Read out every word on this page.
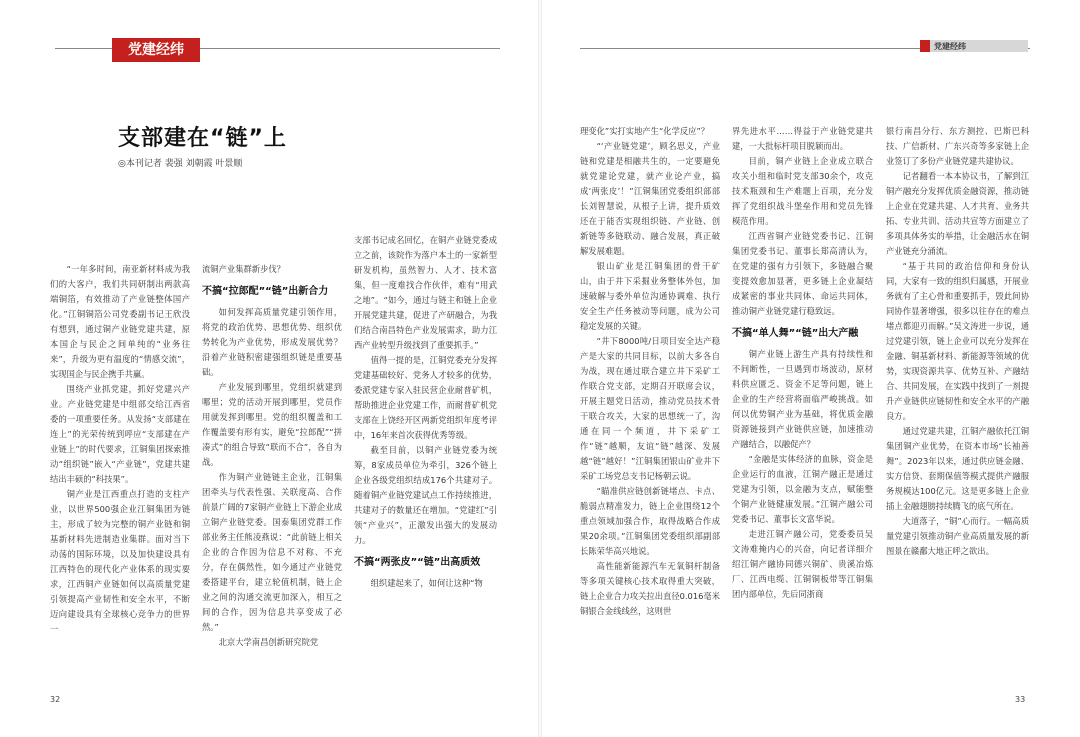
党建经纬
支部建在“链”上
◎本刊记者 裴强 刘朝霞 叶景顺

“一年多时间，南亚新材料成为我们的大客户，我们共同研制出两款高端铜箔，有效推动了产业链整体国产化。”江铜铜箔公司党委副书记王欣没有想到，通过铜产业链党建共建，原本国企与民企之间单纯的“业务往来”，升级为更有温度的“情感交流”，实现国企与民企携手共赢。

围绕产业抓党建，抓好党建兴产业。产业链党建是中组部交给江西省委的一项重要任务。从发扬“支部建在连上”的光荣传统到呼应“支部建在产业链上”的时代要求，江铜集团探索推动“组织链”嵌入“产业链”，党建共建结出丰硕的“科技果”。

铜产业是江西重点打造的支柱产业，以世界500强企业江铜集团为链主，形成了较为完整的铜产业链和铜基新材料先进制造业集群。面对当下动荡的国际环境，以及加快建设具有江西特色的现代化产业体系的现实要求，江西铜产业链如何以高质量党建引领提高产业韧性和安全水平，不断迈向建设具有全球核心竞争力的世界一

流铜产业集群新步伐？

不搞“拉郎配”“链”出新合力

如何发挥高质量党建引领作用，将党的政治优势、思想优势、组织优势转化为产业优势，形成发展优势？沿着产业链积密建强组织链是重要基础。

产业发展到哪里，党组织就建到哪里；党的活动开展到哪里，党员作用就发挥到哪里。党的组织覆盖和工作覆盖要有形有实，避免“拉郎配”“拼凑式”的组合导致“联而不合”，各自为战。

作为铜产业链链主企业，江铜集团牵头与代表性强、关联度高、合作前景广阔的7家铜产业链上下游企业成立铜产业链党委。国泰集团党群工作部业务主任熊凌燕说：“此前链上相关企业的合作因为信息不对称、不充分，存在偶然性，如今通过产业链党委搭建平台，建立轮值机制，链上企业之间的沟通交流更加深入，相互之间的合作，因为信息共享变成了必然。”

北京大学南昌创新研究院党

支部书记成名回忆，在铜产业链党委成立之前，该院作为落户本土的一家新型研发机构，虽然智力、人才、技术富集，但一度难找合作伙伴，难有“用武之地”。“如今，通过与链主和链上企业开展党建共建，促进了产研融合，为我们结合南昌特色产业发展需求，助力江西产业转型升级找到了重要抓手。”

值得一提的是，江铜党委充分发挥党建基础较好、党务人才较多的优势，委派党建专家入驻民营企业耐普矿机，帮助推进企业党建工作，而耐普矿机党支部在上饶经开区两新党组织年度考评中，16年来首次获得优秀等级。

截至目前，以铜产业链党委为统筹，8家成员单位为牵引，326个链上企业各级党组织结成176个共建对子。随着铜产业链党建试点工作持续推进，共建对子的数量还在增加。“党建红”引领“产业兴”，正激发出强大的发展动力。

不搞“两张皮”“链”出高质效

组织建起来了，如何让这种“物

32
党建经纬

理变化”实打实地产生“化学反应”？

“‘产业链党建’，顾名思义，产业链和党建是相融共生的，一定要避免就党建论党建，就产业论产业，搞成‘两张皮’！”江铜集团党委组织部部长刘智慧说，从根子上讲，提升质效还在于能否实现组织链、产业链、创新链等多链联动、融合发展，真正破解发展难题。

银山矿业是江铜集团的骨干矿山，由于井下采掘业务整体外包，加速破解与委外单位沟通协调难、执行安全生产任务被动等问题，成为公司稳定发展的关键。

“井下8000吨/日项目安全达产稳产是大家的共同目标，以前大多各自为战，现在通过联合建立井下采矿工作联合党支部，定期召开联席会议，开展主题党日活动，推动党员技术骨干联合攻关，大家的思想统一了，沟通在同一个频道，井下采矿工作“链”越顺，友谊“链”越深、发展越“链”越好！”江铜集团银山矿业井下采矿工场党总支书记杨朝云说。

“瞄准供应链创新链堵点、卡点、脆弱点精准发力，链上企业围绕12个重点领域加强合作，取得战略合作成果20余项。”江铜集团党委组织部副部长陈荣华高兴地说。

高性能新能源汽车无氧铜杆制备等多项关键核心技术取得重大突破，链上企业合力攻关拉出直径0.016毫米铜银合金线线丝，这则世

界先进水平……得益于产业链党建共建，一大批标杆项目脱颖而出。

目前，铜产业链上企业成立联合攻关小组和临时党支部30余个，攻克技术瓶颈和生产难题上百项，充分发挥了党组织战斗堡垒作用和党员先锋模范作用。

江西省铜产业链党委书记、江铜集团党委书记、董事长郑高清认为，在党建的强有力引领下，多链融合聚变提效愈加显著，更多链上企业凝结成紧密的事业共同体、命运共同体，推动铜产业链党建行稳致远。

不搞“单人舞”“链”出大产融

铜产业链上游生产具有持续性和不间断性，一旦遇到市场波动，原材料供应匮乏、资金不足等问题，链上企业的生产经营将面临严峻挑战。如何以优势铜产业为基础，将优质金融资源链接到产业链供应链，加速推动产融结合，以融促产？

“金融是实体经济的血脉，资金是企业运行的血液，江铜产融正是通过党建为引领，以金融为支点，赋能整个铜产业链健康发展。”江铜产融公司党委书记、董事长文富华说。

走进江铜产融公司，党委委员吴文涛难掩内心的兴奋，向记者详细介绍江铜产融协同德兴铜矿、贵溪冶炼厂、江西电缆、江铜铜板带等江铜集团内部单位，先后同浙商

银行南昌分行、东方测控、巴斯巴科技、广信新材、广东兴奇等多家链上企业签订了多份产业链党建共建协议。

记者翻看一本本协议书，了解到江铜产融充分发挥优质金融资源，推动链上企业在党建共建、人才共育、业务共拓、专业共训、活动共宣等方面建立了多项具体务实的举措，让金融活水在铜产业链充分涌流。

“基于共同的政治信仰和身份认同，大家有一致的组织归属感，开展业务就有了主心骨和重要抓手，毁此间协同协作显著增强，很多以往存在的难点堵点都迎刃而解。”吴文涛进一步说，通过党建引领，链上企业可以充分发挥在金融、铜基新材料、新能源等领域的优势，实现资源共享、优势互补、产融结合、共同发展，在实践中找到了一剂提升产业链供应链韧性和安全水平的产融良方。

通过党建共建，江铜产融依托江铜集团铜产业优势，在资本市场“长袖善舞”。2023年以来，通过供应链金融、实方信贷、套期保值等模式提供产融服务规模达100亿元。这是更多链上企业插上金融翅膀持续腾飞的底气所在。

大道落子，“铜”心而行。一幅高质量党建引领推动铜产业高质量发展的新图景在赣鄱大地正呼之欲出。

33
